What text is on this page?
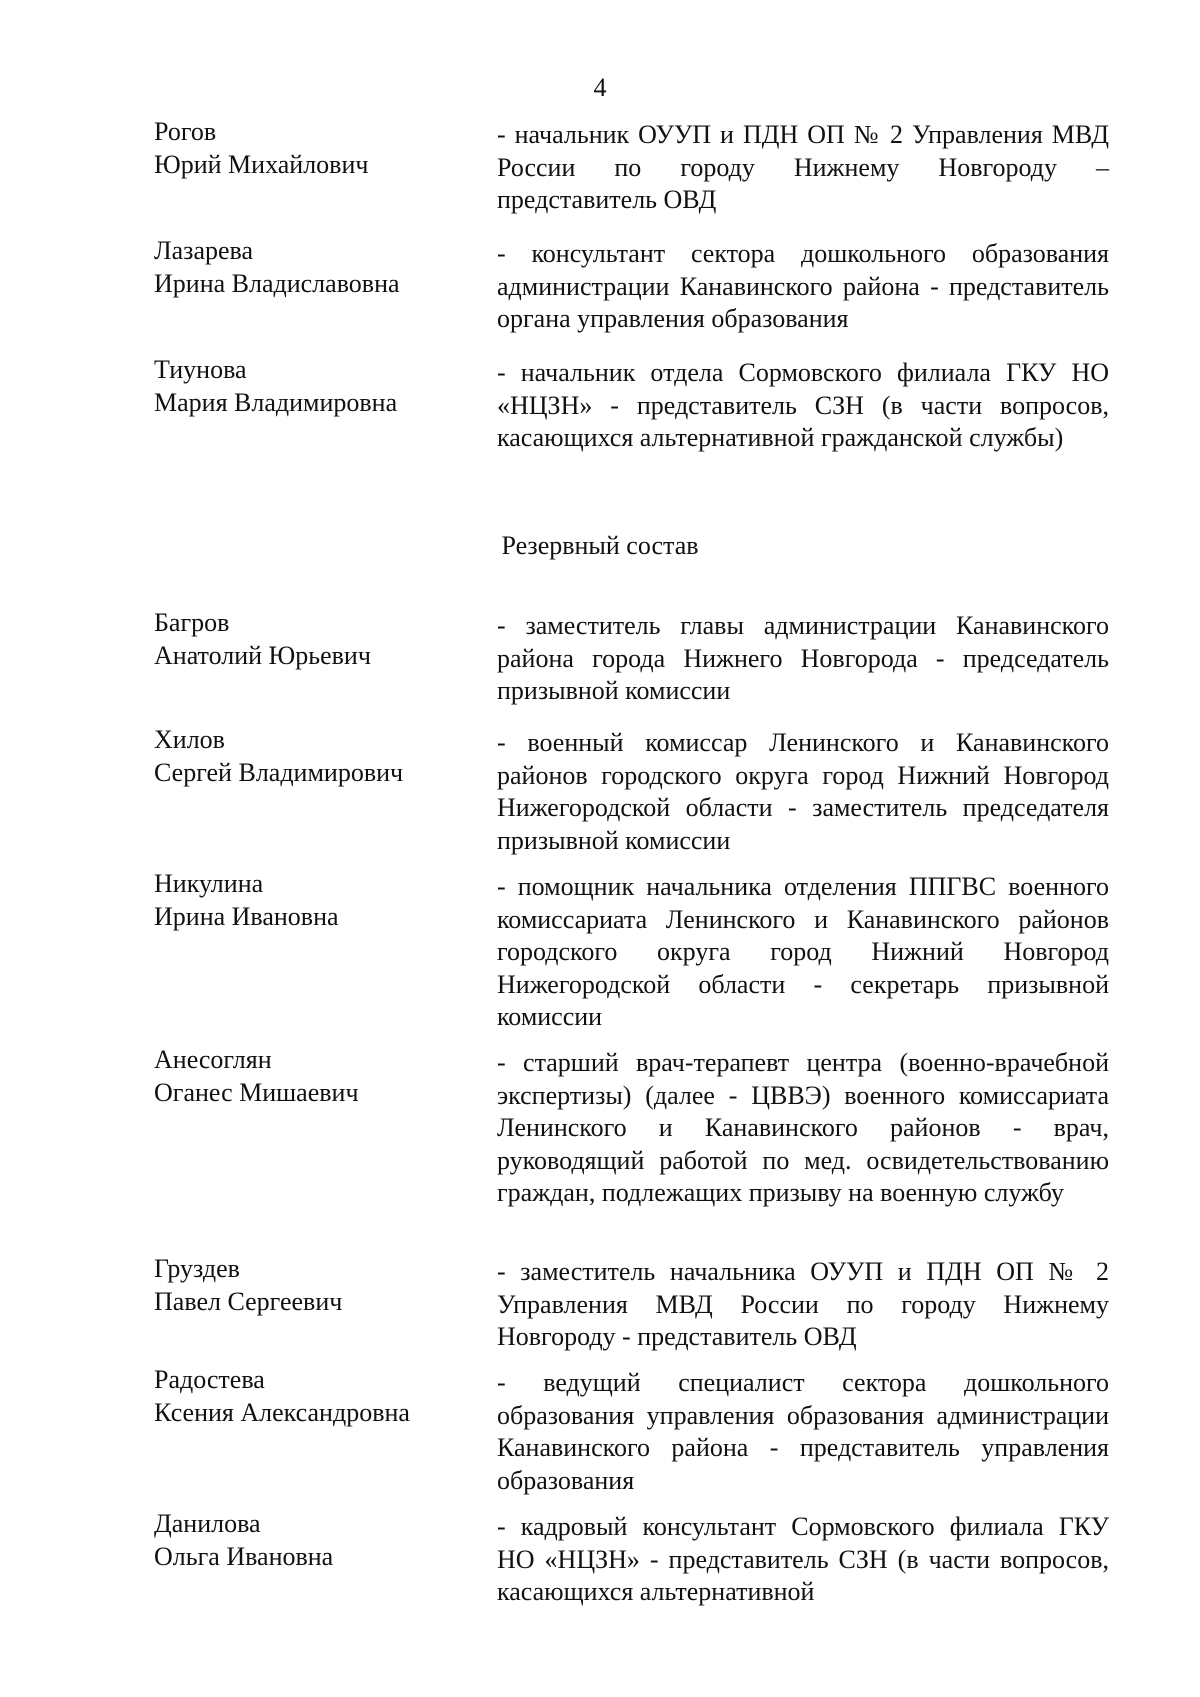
4
Рогов
Юрий Михайлович
- начальник ОУУП и ПДН ОП № 2 Управления МВД России по городу Нижнему Новгороду – представитель ОВД
Лазарева
Ирина Владиславовна
- консультант сектора дошкольного образования администрации Канавинского района - представитель органа управления образования
Тиунова
Мария Владимировна
- начальник отдела Сормовского филиала ГКУ НО «НЦЗН» - представитель СЗН (в части вопросов, касающихся альтернативной гражданской службы)
Резервный состав
Багров
Анатолий Юрьевич
- заместитель главы администрации Канавинского района города Нижнего Новгорода - председатель призывной комиссии
Хилов
Сергей Владимирович
- военный комиссар Ленинского и Канавинского районов городского округа город Нижний Новгород Нижегородской области - заместитель председателя призывной комиссии
Никулина
Ирина Ивановна
- помощник начальника отделения ППГВС военного комиссариата Ленинского и Канавинского районов городского округа город Нижний Новгород Нижегородской области - секретарь призывной комиссии
Анесоглян
Оганес Мишаевич
- старший врач-терапевт центра (военно-врачебной экспертизы) (далее - ЦВВЭ) военного комиссариата Ленинского и Канавинского районов - врач, руководящий работой по мед. освидетельствованию граждан, подлежащих призыву на военную службу
Груздев
Павел Сергеевич
- заместитель начальника ОУУП и ПДН ОП № 2 Управления МВД России по городу Нижнему Новгороду - представитель ОВД
Радостева
Ксения Александровна
- ведущий специалист сектора дошкольного образования управления образования администрации Канавинского района - представитель управления образования
Данилова
Ольга Ивановна
- кадровый консультант Сормовского филиала ГКУ НО «НЦЗН» - представитель СЗН (в части вопросов, касающихся альтернативной
